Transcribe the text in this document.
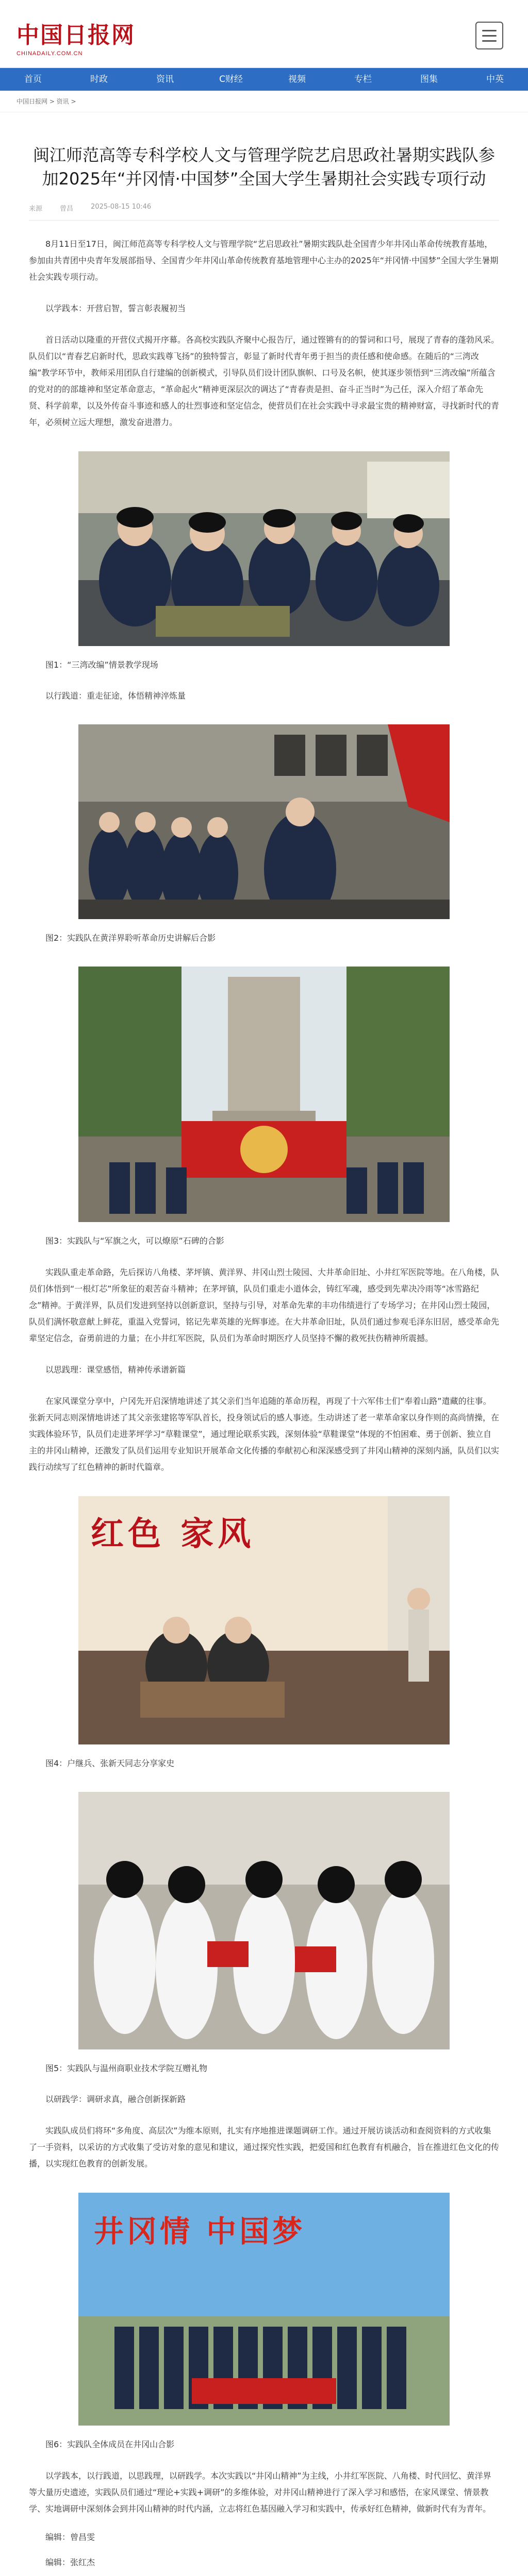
中国日报网
CHINADAILY.COM.CN
首页	时政	资讯	C财经	视频	专栏	图集	中英
中国日报网 > 资讯 >
闽江师范高等专科学校人文与管理学院艺启思政社暑期实践队参加2025年“并冈情·中国梦”全国大学生暑期社会实践专项行动
来源	曾昌	2025-08-15 10:46

8月11日至17日，闽江师范高等专科学校人文与管理学院“艺启思政社”暑期实践队赴全国青少年井冈山革命传统教育基地，参加由共青团中央青年发展部指导、全国青少年井冈山革命传统教育基地管理中心主办的2025年“并冈情·中国梦”全国大学生暑期社会实践专项行动。

以学践本：开营启智，誓言彰表履初当

首日活动以隆重的开营仪式揭开序幕。各高校实践队齐聚中心报告厅，通过铿锵有的的誓词和口号，展现了青春的蓬勃风采。队员们以“青春艺启新时代，思政实践尊飞扬”的独特誓言，彰显了新时代青年勇于担当的责任感和使命感。在随后的“三湾改编”教学环节中，教师采用团队自行建编的创新模式，引导队员们设计团队旗帜、口号及名帜，使其逐步领悟到“三湾改编”所蕴含的党对的的部雄神和坚定革命意志，“革命起火”精神更深层次的调达了“青春责是担、奋斗正当时”为己任，深入介绍了革命先贤、科学前辈，以及外传奋斗事迹和感人的壮烈事迹和坚定信念，使营员们在社会实践中寻求最宝贵的精神财富，寻找新时代的青年，必须树立远大理想，激发奋进潜力。

图1：“三湾改编”情景教学现场

以行践道：重走征途，体悟精神淬炼量

图2：实践队在黄洋界聆听革命历史讲解后合影

图3：实践队与“军旗之火，可以燎原”石碑的合影

实践队重走革命路，先后探访八角楼、茅坪镇、黄洋界、井冈山烈士陵园、大井革命旧址、小井红军医院等地。在八角楼，队员们体悟到“一根灯芯”所象征的艰苦奋斗精神；在茅坪镇，队员们重走小道体会，铸红军魂，感受到先辈决冷雨等“冰雪路纪念”精神。于黄洋界，队员们发进到坚持以创新意识，坚持与引导，对革命先辈的丰功伟绩进行了专场学习；在井冈山烈士陵园，队员们满怀敬意献上鲜花，重温入党誓词，铭记先辈英雄的光辉事迹。在大井革命旧址，队员们通过参观毛泽东旧居，感受革命先辈坚定信念，奋勇前进的力量；在小井红军医院，队员们为革命时期医疗人员坚持不懈的救死扶伤精神所震撼。

以思践理：课堂感悟，精神传承谱新篇

在家风课堂分享中，户冈先开启深情地讲述了其父亲们当年追随的革命历程，再现了十六军伟士们“奉着山路”遣藏的往事。张新天同志则深情地讲述了其父亲张建铭等军队首长，投身领试后的感人事迹。生动讲述了老一辈革命家以身作则的高尚情操，在实践体验环节，队员们走进茅坪学习“草鞋课堂”，通过理论联系实践，深刻体验“草鞋课堂”体现的不怕困难、勇于创新、独立自主的井冈山精神，还激发了队员们运用专业知识开展革命文化传播的奉献初心和深深感受到了井冈山精神的深刻内涵，队员们以实践行动续写了红色精神的新时代篇章。

红色 家风

图4：户继兵、张新天同志分享家史

图5：实践队与温州商职业技术学院互赠礼物

以研践学：调研求真，融合创新探新路

实践队成员们将环“多角度、高层次”为维本原则，扎实有序地推进课题调研工作。通过开展访谈活动和查阅资料的方式收集了一手资料，以采访的方式收集了受访对象的意见和建议，通过探究性实践，把爱国和红色教育有机融合，旨在推进红色文化的传播，以实现红色教育的创新发展。

井冈情 中国梦

图6：实践队全体成员在井冈山合影

以学践本，以行践道，以思践理，以研践学。本次实践以“井冈山精神”为主线，小井红军医院、八角楼、时代回忆、黄洋界等大量历史遗迹，实践队员们通过“理论+实践+调研”的多维体验，对井冈山精神进行了深入学习和感悟，在家风课堂、情景教学、实地调研中深刻体会到井冈山精神的时代内涵，立志将红色基因融入学习和实践中，传承好红色精神，做新时代有为青年。

编辑：曾昌雯

编辑：张红杰
